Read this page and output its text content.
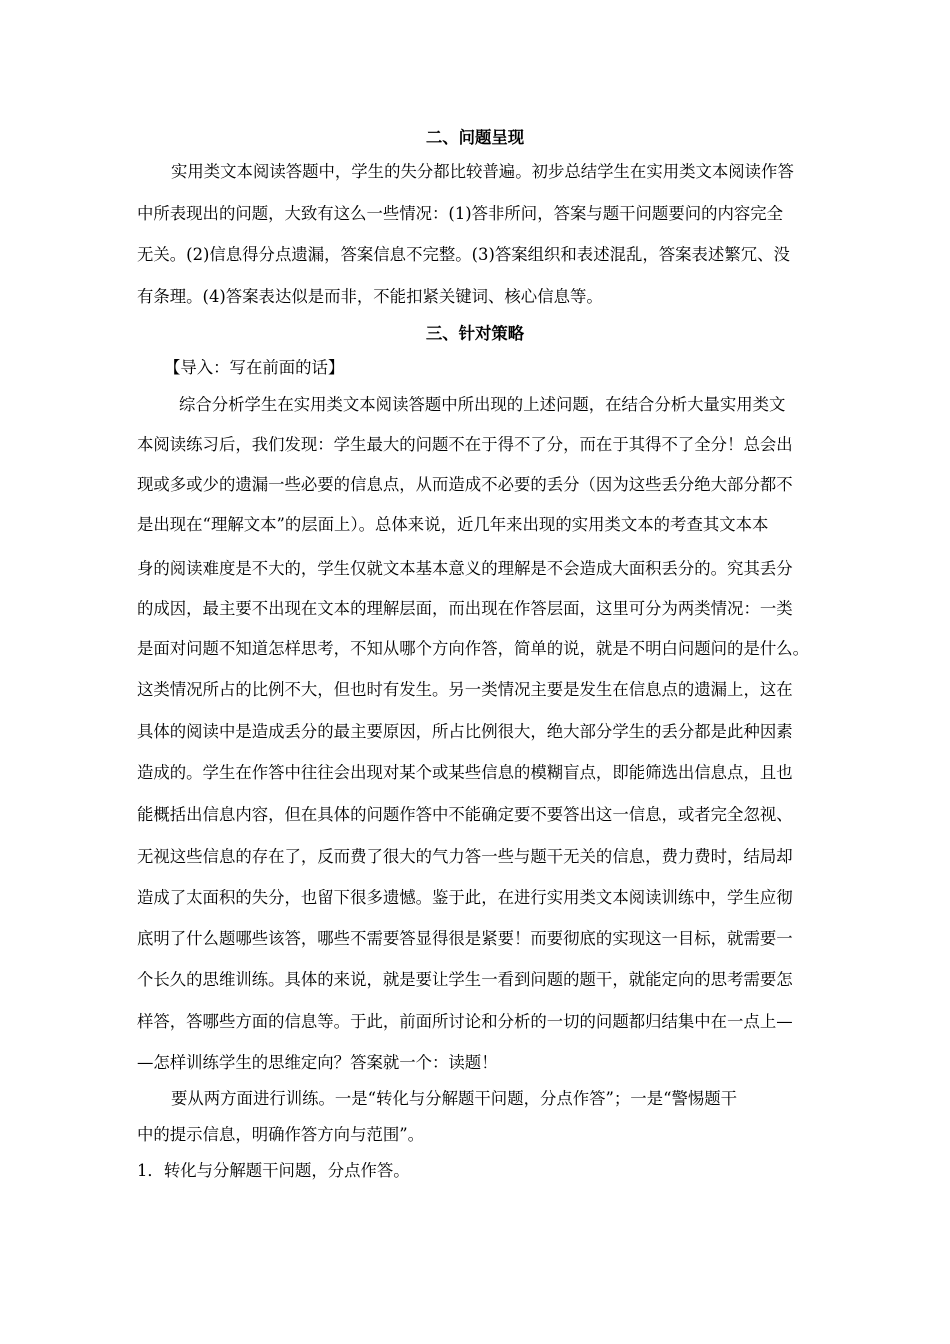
二、问题呈现
实用类文本阅读答题中，学生的失分都比较普遍。初步总结学生在实用类文本阅读作答
中所表现出的问题，大致有这么一些情况：(1)答非所问，答案与题干问题要问的内容完全
无关。(2)信息得分点遗漏，答案信息不完整。(3)答案组织和表述混乱，答案表述繁冗、没
有条理。(4)答案表达似是而非，不能扣紧关键词、核心信息等。
三、针对策略
【导入：写在前面的话】
综合分析学生在实用类文本阅读答题中所出现的上述问题，在结合分析大量实用类文
本阅读练习后，我们发现：学生最大的问题不在于得不了分，而在于其得不了全分！总会出
现或多或少的遗漏一些必要的信息点，从而造成不必要的丢分（因为这些丢分绝大部分都不
是出现在“理解文本”的层面上）。总体来说，近几年来出现的实用类文本的考查其文本本
身的阅读难度是不大的，学生仅就文本基本意义的理解是不会造成大面积丢分的。究其丢分
的成因，最主要不出现在文本的理解层面，而出现在作答层面，这里可分为两类情况：一类
是面对问题不知道怎样思考，不知从哪个方向作答，简单的说，就是不明白问题问的是什么。
这类情况所占的比例不大，但也时有发生。另一类情况主要是发生在信息点的遗漏上，这在
具体的阅读中是造成丢分的最主要原因，所占比例很大，绝大部分学生的丢分都是此种因素
造成的。学生在作答中往往会出现对某个或某些信息的模糊盲点，即能筛选出信息点，且也
能概括出信息内容，但在具体的问题作答中不能确定要不要答出这一信息，或者完全忽视、
无视这些信息的存在了，反而费了很大的气力答一些与题干无关的信息，费力费时，结局却
造成了太面积的失分，也留下很多遗憾。鉴于此，在进行实用类文本阅读训练中，学生应彻
底明了什么题哪些该答，哪些不需要答显得很是紧要！而要彻底的实现这一目标，就需要一
个长久的思维训练。具体的来说，就是要让学生一看到问题的题干，就能定向的思考需要怎
样答，答哪些方面的信息等。于此，前面所讨论和分析的一切的问题都归结集中在一点上—
—怎样训练学生的思维定向？答案就一个：读题！
要从两方面进行训练。一是“转化与分解题干问题，分点作答”；一是“警惕题干
中的提示信息，明确作答方向与范围”。
1．转化与分解题干问题，分点作答。
